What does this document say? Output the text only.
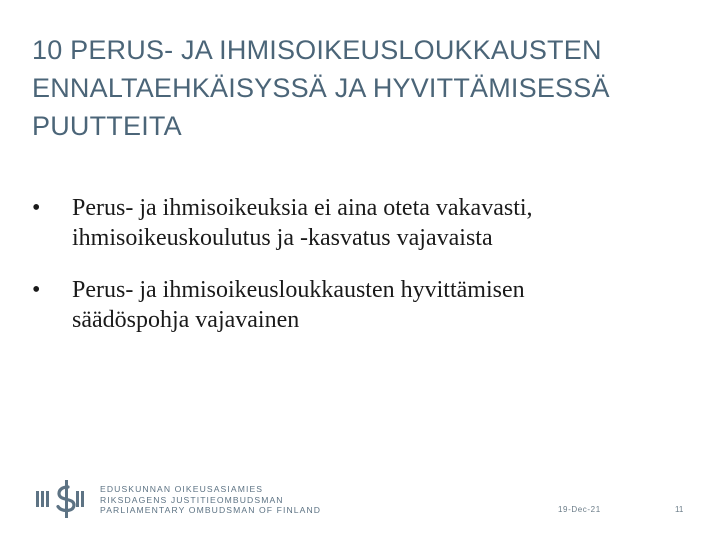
10 PERUS- JA IHMISOIKEUSLOUKKAUSTEN
ENNALTAEHKÄISYSSÄ JA HYVITTÄMISESSÄ
PUUTTEITA
•	Perus- ja ihmisoikeuksia ei aina oteta vakavasti,
ihmisoikeuskoulutus ja -kasvatus vajavaista
•	Perus- ja ihmisoikeusloukkausten hyvittämisen
säädöspohja vajavainen
EDUSKUNNAN OIKEUSASIAMIES
RIKSDAGENS JUSTITIEOMBUDSMAN
PARLIAMENTARY OMBUDSMAN OF FINLAND	19-Dec-21	11
